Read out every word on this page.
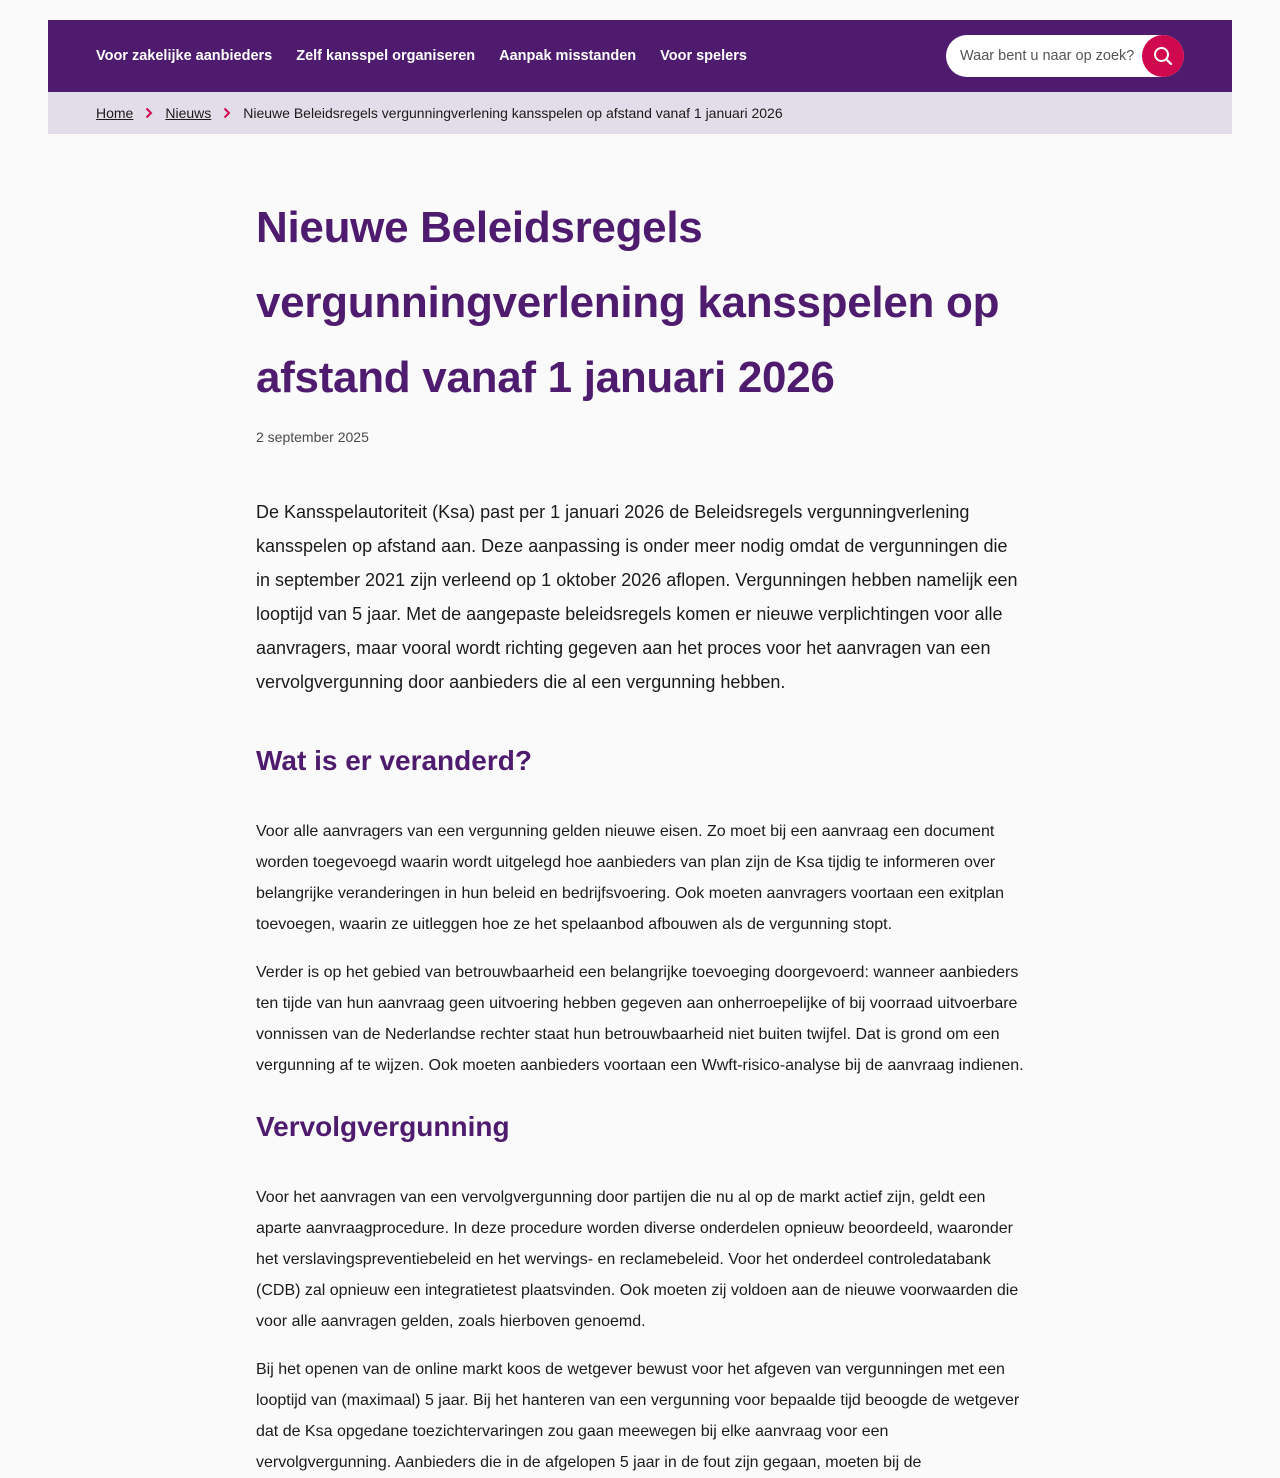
Voor zakelijke aanbieders Zelf kansspel organiseren Aanpak misstanden Voor spelers
Waar bent u naar op zoek?
Home Nieuws Nieuwe Beleidsregels vergunningverlening kansspelen op afstand vanaf 1 januari 2026
Nieuwe Beleidsregels vergunningverlening kansspelen op afstand vanaf 1 januari 2026
2 september 2025

De Kansspelautoriteit (Ksa) past per 1 januari 2026 de Beleidsregels vergunningverlening kansspelen op afstand aan. Deze aanpassing is onder meer nodig omdat de vergunningen die in september 2021 zijn verleend op 1 oktober 2026 aflopen. Vergunningen hebben namelijk een looptijd van 5 jaar. Met de aangepaste beleidsregels komen er nieuwe verplichtingen voor alle aanvragers, maar vooral wordt richting gegeven aan het proces voor het aanvragen van een vervolgvergunning door aanbieders die al een vergunning hebben.

Wat is er veranderd?

Voor alle aanvragers van een vergunning gelden nieuwe eisen. Zo moet bij een aanvraag een document worden toegevoegd waarin wordt uitgelegd hoe aanbieders van plan zijn de Ksa tijdig te informeren over belangrijke veranderingen in hun beleid en bedrijfsvoering. Ook moeten aanvragers voortaan een exitplan toevoegen, waarin ze uitleggen hoe ze het spelaanbod afbouwen als de vergunning stopt.

Verder is op het gebied van betrouwbaarheid een belangrijke toevoeging doorgevoerd: wanneer aanbieders ten tijde van hun aanvraag geen uitvoering hebben gegeven aan onherroepelijke of bij voorraad uitvoerbare vonnissen van de Nederlandse rechter staat hun betrouwbaarheid niet buiten twijfel. Dat is grond om een vergunning af te wijzen. Ook moeten aanbieders voortaan een Wwft-risico-analyse bij de aanvraag indienen.

Vervolgvergunning

Voor het aanvragen van een vervolgvergunning door partijen die nu al op de markt actief zijn, geldt een aparte aanvraagprocedure. In deze procedure worden diverse onderdelen opnieuw beoordeeld, waaronder het verslavingspreventiebeleid en het wervings- en reclamebeleid. Voor het onderdeel controledatabank (CDB) zal opnieuw een integratietest plaatsvinden. Ook moeten zij voldoen aan de nieuwe voorwaarden die voor alle aanvragen gelden, zoals hierboven genoemd.

Bij het openen van de online markt koos de wetgever bewust voor het afgeven van vergunningen met een looptijd van (maximaal) 5 jaar. Bij het hanteren van een vergunning voor bepaalde tijd beoogde de wetgever dat de Ksa opgedane toezichtervaringen zou gaan meewegen bij elke aanvraag voor een vervolgvergunning. Aanbieders die in de afgelopen 5 jaar in de fout zijn gegaan, moeten bij de
